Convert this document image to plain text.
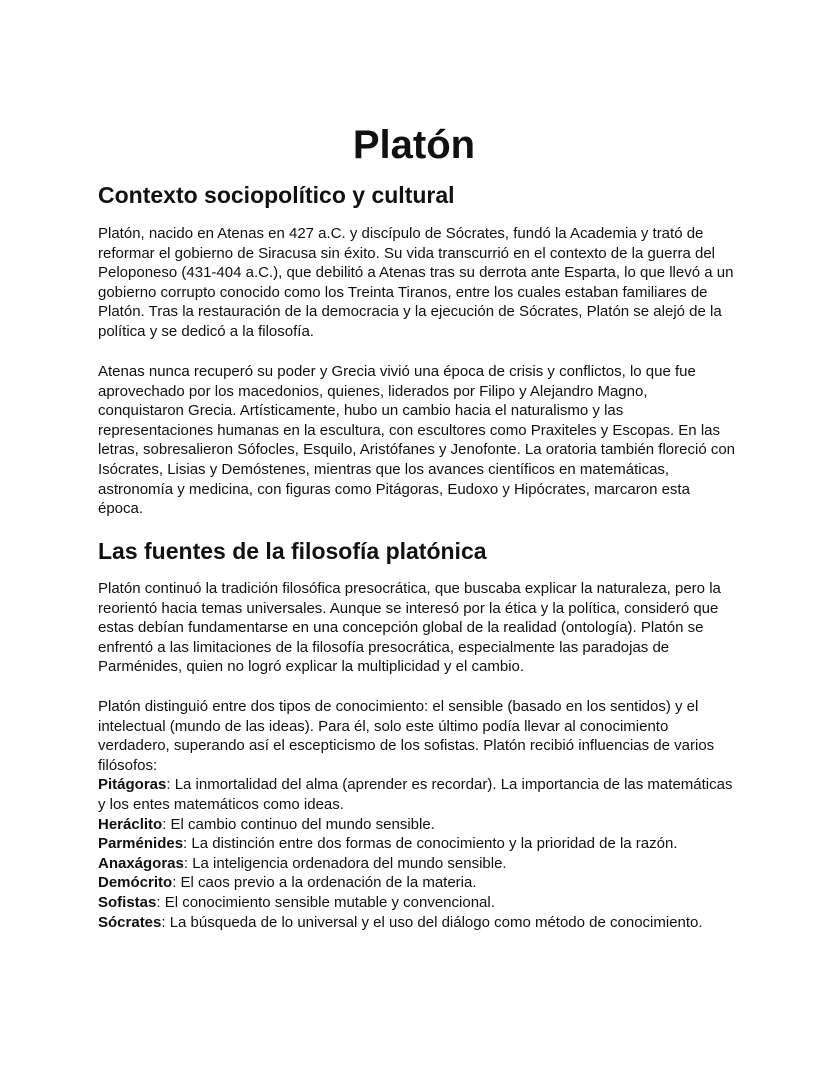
Platón
Contexto sociopolítico y cultural
Platón, nacido en Atenas en 427 a.C. y discípulo de Sócrates, fundó la Academia y trató de
reformar el gobierno de Siracusa sin éxito. Su vida transcurrió en el contexto de la guerra del
Peloponeso (431-404 a.C.), que debilitó a Atenas tras su derrota ante Esparta, lo que llevó a un
gobierno corrupto conocido como los Treinta Tiranos, entre los cuales estaban familiares de
Platón. Tras la restauración de la democracia y la ejecución de Sócrates, Platón se alejó de la
política y se dedicó a la filosofía.
Atenas nunca recuperó su poder y Grecia vivió una época de crisis y conflictos, lo que fue
aprovechado por los macedonios, quienes, liderados por Filipo y Alejandro Magno,
conquistaron Grecia. Artísticamente, hubo un cambio hacia el naturalismo y las
representaciones humanas en la escultura, con escultores como Praxiteles y Escopas. En las
letras, sobresalieron Sófocles, Esquilo, Aristófanes y Jenofonte. La oratoria también floreció con
Isócrates, Lisias y Demóstenes, mientras que los avances científicos en matemáticas,
astronomía y medicina, con figuras como Pitágoras, Eudoxo y Hipócrates, marcaron esta
época.
Las fuentes de la filosofía platónica
Platón continuó la tradición filosófica presocrática, que buscaba explicar la naturaleza, pero la
reorientó hacia temas universales. Aunque se interesó por la ética y la política, consideró que
estas debían fundamentarse en una concepción global de la realidad (ontología). Platón se
enfrentó a las limitaciones de la filosofía presocrática, especialmente las paradojas de
Parménides, quien no logró explicar la multiplicidad y el cambio.
Platón distinguió entre dos tipos de conocimiento: el sensible (basado en los sentidos) y el
intelectual (mundo de las ideas). Para él, solo este último podía llevar al conocimiento
verdadero, superando así el escepticismo de los sofistas. Platón recibió influencias de varios
filósofos:
Pitágoras: La inmortalidad del alma (aprender es recordar). La importancia de las matemáticas
y los entes matemáticos como ideas.
Heráclito: El cambio continuo del mundo sensible.
Parménides: La distinción entre dos formas de conocimiento y la prioridad de la razón.
Anaxágoras: La inteligencia ordenadora del mundo sensible.
Demócrito: El caos previo a la ordenación de la materia.
Sofistas: El conocimiento sensible mutable y convencional.
Sócrates: La búsqueda de lo universal y el uso del diálogo como método de conocimiento.
